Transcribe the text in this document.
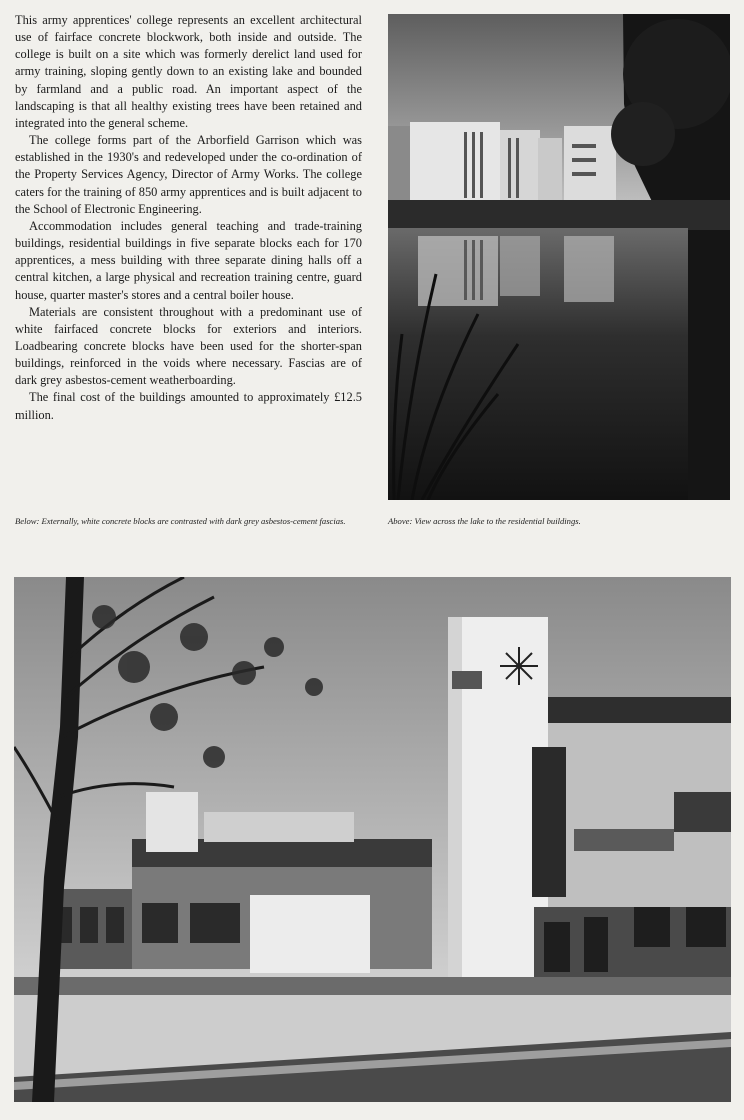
This army apprentices' college represents an excellent architectural use of fairface concrete blockwork, both inside and outside. The college is built on a site which was formerly derelict land used for army training, sloping gently down to an existing lake and bounded by farmland and a public road. An important aspect of the landscaping is that all healthy existing trees have been retained and integrated into the general scheme.

The college forms part of the Arborfield Garrison which was established in the 1930's and redeveloped under the co-ordination of the Property Services Agency, Director of Army Works. The college caters for the training of 850 army apprentices and is built adjacent to the School of Electronic Engineering.

Accommodation includes general teaching and trade-training buildings, residential buildings in five separate blocks each for 170 apprentices, a mess building with three separate dining halls off a central kitchen, a large physical and recreation training centre, guard house, quarter master's stores and a central boiler house.

Materials are consistent throughout with a predominant use of white fairfaced concrete blocks for exteriors and interiors. Loadbearing concrete blocks have been used for the shorter-span buildings, reinforced in the voids where necessary. Fascias are of dark grey asbestos-cement weatherboarding.

The final cost of the buildings amounted to approximately £12.5 million.

Below: Externally, white concrete blocks are contrasted with dark grey asbestos-cement fascias.	Above: View across the lake to the residential buildings.
